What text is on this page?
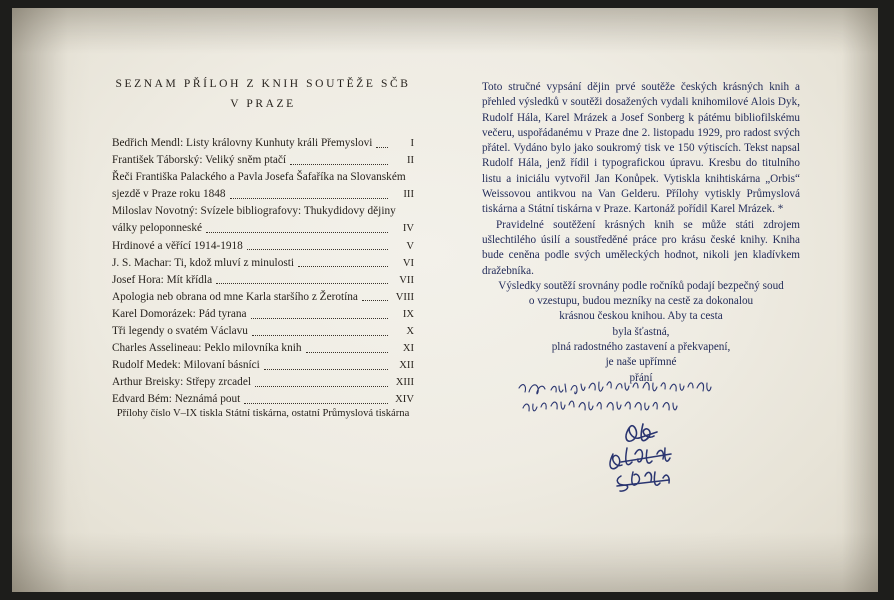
SEZNAM PŘÍLOH Z KNIH SOUTĚŽE SČB
V PRAZE
Bedřich Mendl: Listy královny Kunhuty králi Přemyslovi	I
František Táborský: Veliký sněm ptačí	II
Řeči Františka Palackého a Pavla Josefa Šafaříka na Slovanském
sjezdě v Praze roku 1848	III
Miloslav Novotný: Svízele bibliografovy: Thukydidovy dějiny
války peloponneské	IV
Hrdinové a věřící 1914-1918	V
J. S. Machar: Ti, kdož mluví z minulosti	VI
Josef Hora: Mít křídla	VII
Apologia neb obrana od mne Karla staršího z Žerotína	VIII
Karel Domorázek: Pád tyrana	IX
Tři legendy o svatém Václavu	X
Charles Asselineau: Peklo milovníka knih	XI
Rudolf Medek: Milovaní básníci	XII
Arthur Breisky: Střepy zrcadel	XIII
Edvard Bém: Neznámá pout	XIV
Přílohy číslo V–IX tiskla Státní tiskárna, ostatní Průmyslová tiskárna

Toto stručné vypsání dějin prvé soutěže českých krásných knih a přehled výsledků v soutěži dosažených vydali knihomilové Alois Dyk, Rudolf Hála, Karel Mrázek a Josef Sonberg k pátému bibliofilskému večeru, uspořádanému v Praze dne 2. listopadu 1929, pro radost svých přátel. Vydáno bylo jako soukromý tisk ve 150 výtiscích. Tekst napsal Rudolf Hála, jenž řídil i typografickou úpravu. Kresbu do titulního listu a iniciálu vytvořil Jan Konůpek. Vytiskla knihtiskárna „Orbis“ Weissovou antikvou na Van Gelderu. Přílohy vytiskly Průmyslová tiskárna a Státní tiskárna v Praze. Kartonáž pořídil Karel Mrázek. *

Pravidelné soutěžení krásných knih se může státi zdrojem ušlechtilého úsilí a soustředěné práce pro krásu české knihy. Kniha bude ceněna podle svých uměleckých hodnot, nikoli jen kladívkem dražebníka.

Výsledky soutěží srovnány podle ročníků podají bezpečný soud

o vzestupu, budou mezníky na cestě za dokonalou

krásnou českou knihou. Aby ta cesta

byla šťastná,

plná radostného zastavení a překvapení,

je naše upřímné

přání
